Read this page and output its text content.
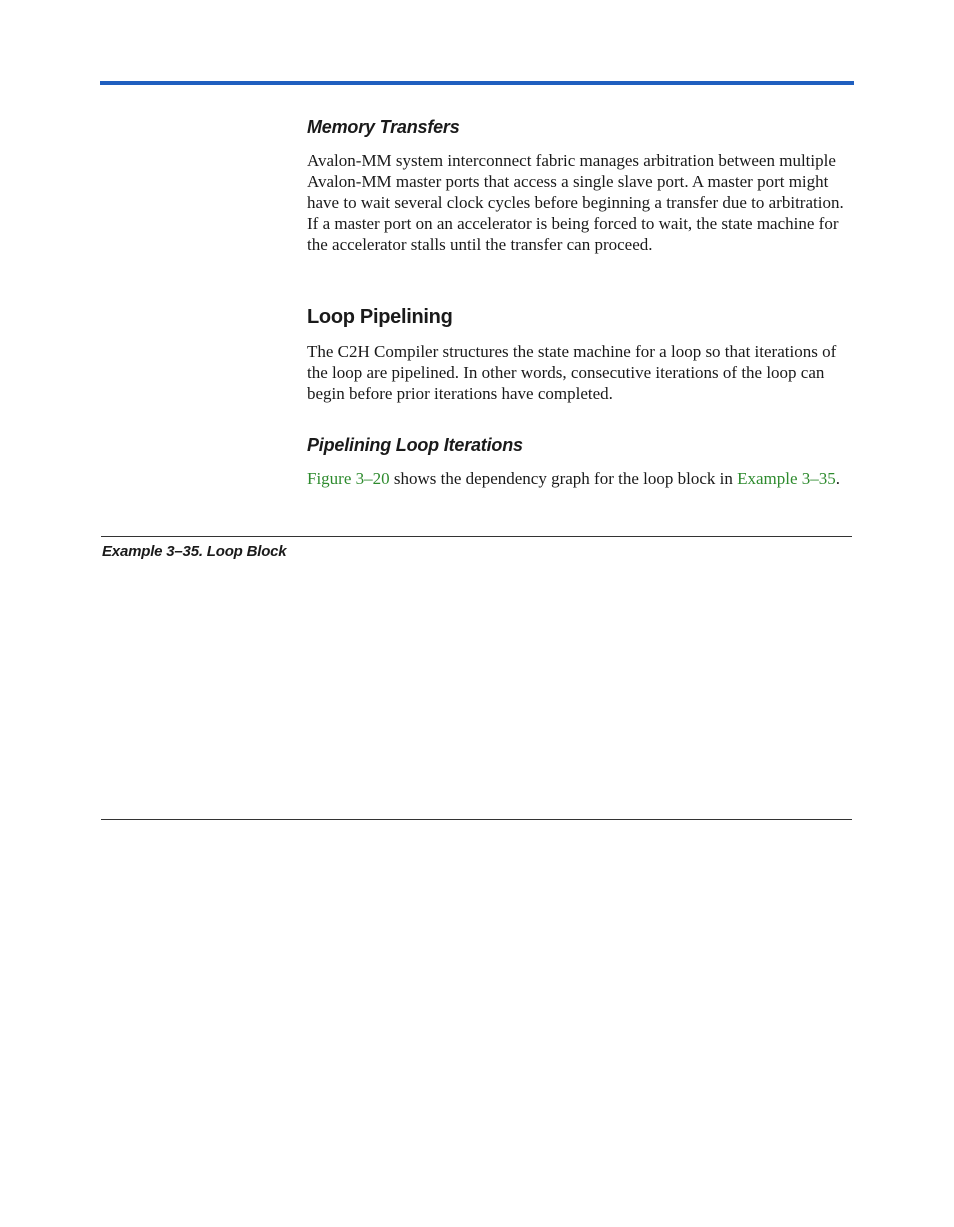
Memory Transfers

Avalon-MM system interconnect fabric manages arbitration between multiple Avalon-MM master ports that access a single slave port. A master port might have to wait several clock cycles before beginning a transfer due to arbitration. If a master port on an accelerator is being forced to wait, the state machine for the accelerator stalls until the transfer can proceed.

Loop Pipelining

The C2H Compiler structures the state machine for a loop so that iterations of the loop are pipelined. In other words, consecutive iterations of the loop can begin before prior iterations have completed.

Pipelining Loop Iterations

Figure 3–20 shows the dependency graph for the loop block in Example 3–35.

Example 3–35. Loop Block
